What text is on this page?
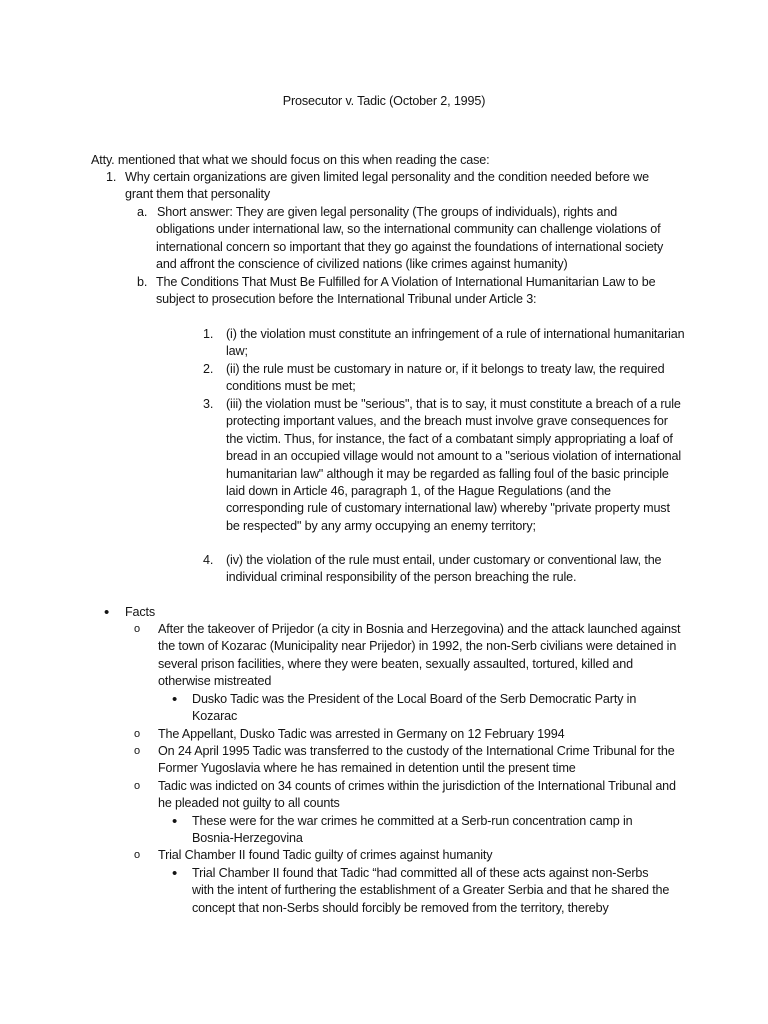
Prosecutor v. Tadic (October 2, 1995)
Atty. mentioned that what we should focus on this when reading the case:
1. Why certain organizations are given limited legal personality and the condition needed before we grant them that personality
a. Short answer: They are given legal personality (The groups of individuals), rights and obligations under international law, so the international community can challenge violations of international concern so important that they go against the foundations of international society and affront the conscience of civilized nations (like crimes against humanity)
b. The Conditions That Must Be Fulfilled for A Violation of International Humanitarian Law to be subject to prosecution before the International Tribunal under Article 3:
1. (i) the violation must constitute an infringement of a rule of international humanitarian law;
2. (ii) the rule must be customary in nature or, if it belongs to treaty law, the required conditions must be met;
3. (iii) the violation must be "serious", that is to say, it must constitute a breach of a rule protecting important values, and the breach must involve grave consequences for the victim. Thus, for instance, the fact of a combatant simply appropriating a loaf of bread in an occupied village would not amount to a "serious violation of international humanitarian law" although it may be regarded as falling foul of the basic principle laid down in Article 46, paragraph 1, of the Hague Regulations (and the corresponding rule of customary international law) whereby "private property must be respected" by any army occupying an enemy territory;
4. (iv) the violation of the rule must entail, under customary or conventional law, the individual criminal responsibility of the person breaching the rule.
• Facts
o After the takeover of Prijedor (a city in Bosnia and Herzegovina) and the attack launched against the town of Kozarac (Municipality near Prijedor) in 1992, the non-Serb civilians were detained in several prison facilities, where they were beaten, sexually assaulted, tortured, killed and otherwise mistreated
• Dusko Tadic was the President of the Local Board of the Serb Democratic Party in Kozarac
o The Appellant, Dusko Tadic was arrested in Germany on 12 February 1994
o On 24 April 1995 Tadic was transferred to the custody of the International Crime Tribunal for the Former Yugoslavia where he has remained in detention until the present time
o Tadic was indicted on 34 counts of crimes within the jurisdiction of the International Tribunal and he pleaded not guilty to all counts
• These were for the war crimes he committed at a Serb-run concentration camp in Bosnia-Herzegovina
o Trial Chamber II found Tadic guilty of crimes against humanity
• Trial Chamber II found that Tadic “had committed all of these acts against non-Serbs with the intent of furthering the establishment of a Greater Serbia and that he shared the concept that non-Serbs should forcibly be removed from the territory, thereby
